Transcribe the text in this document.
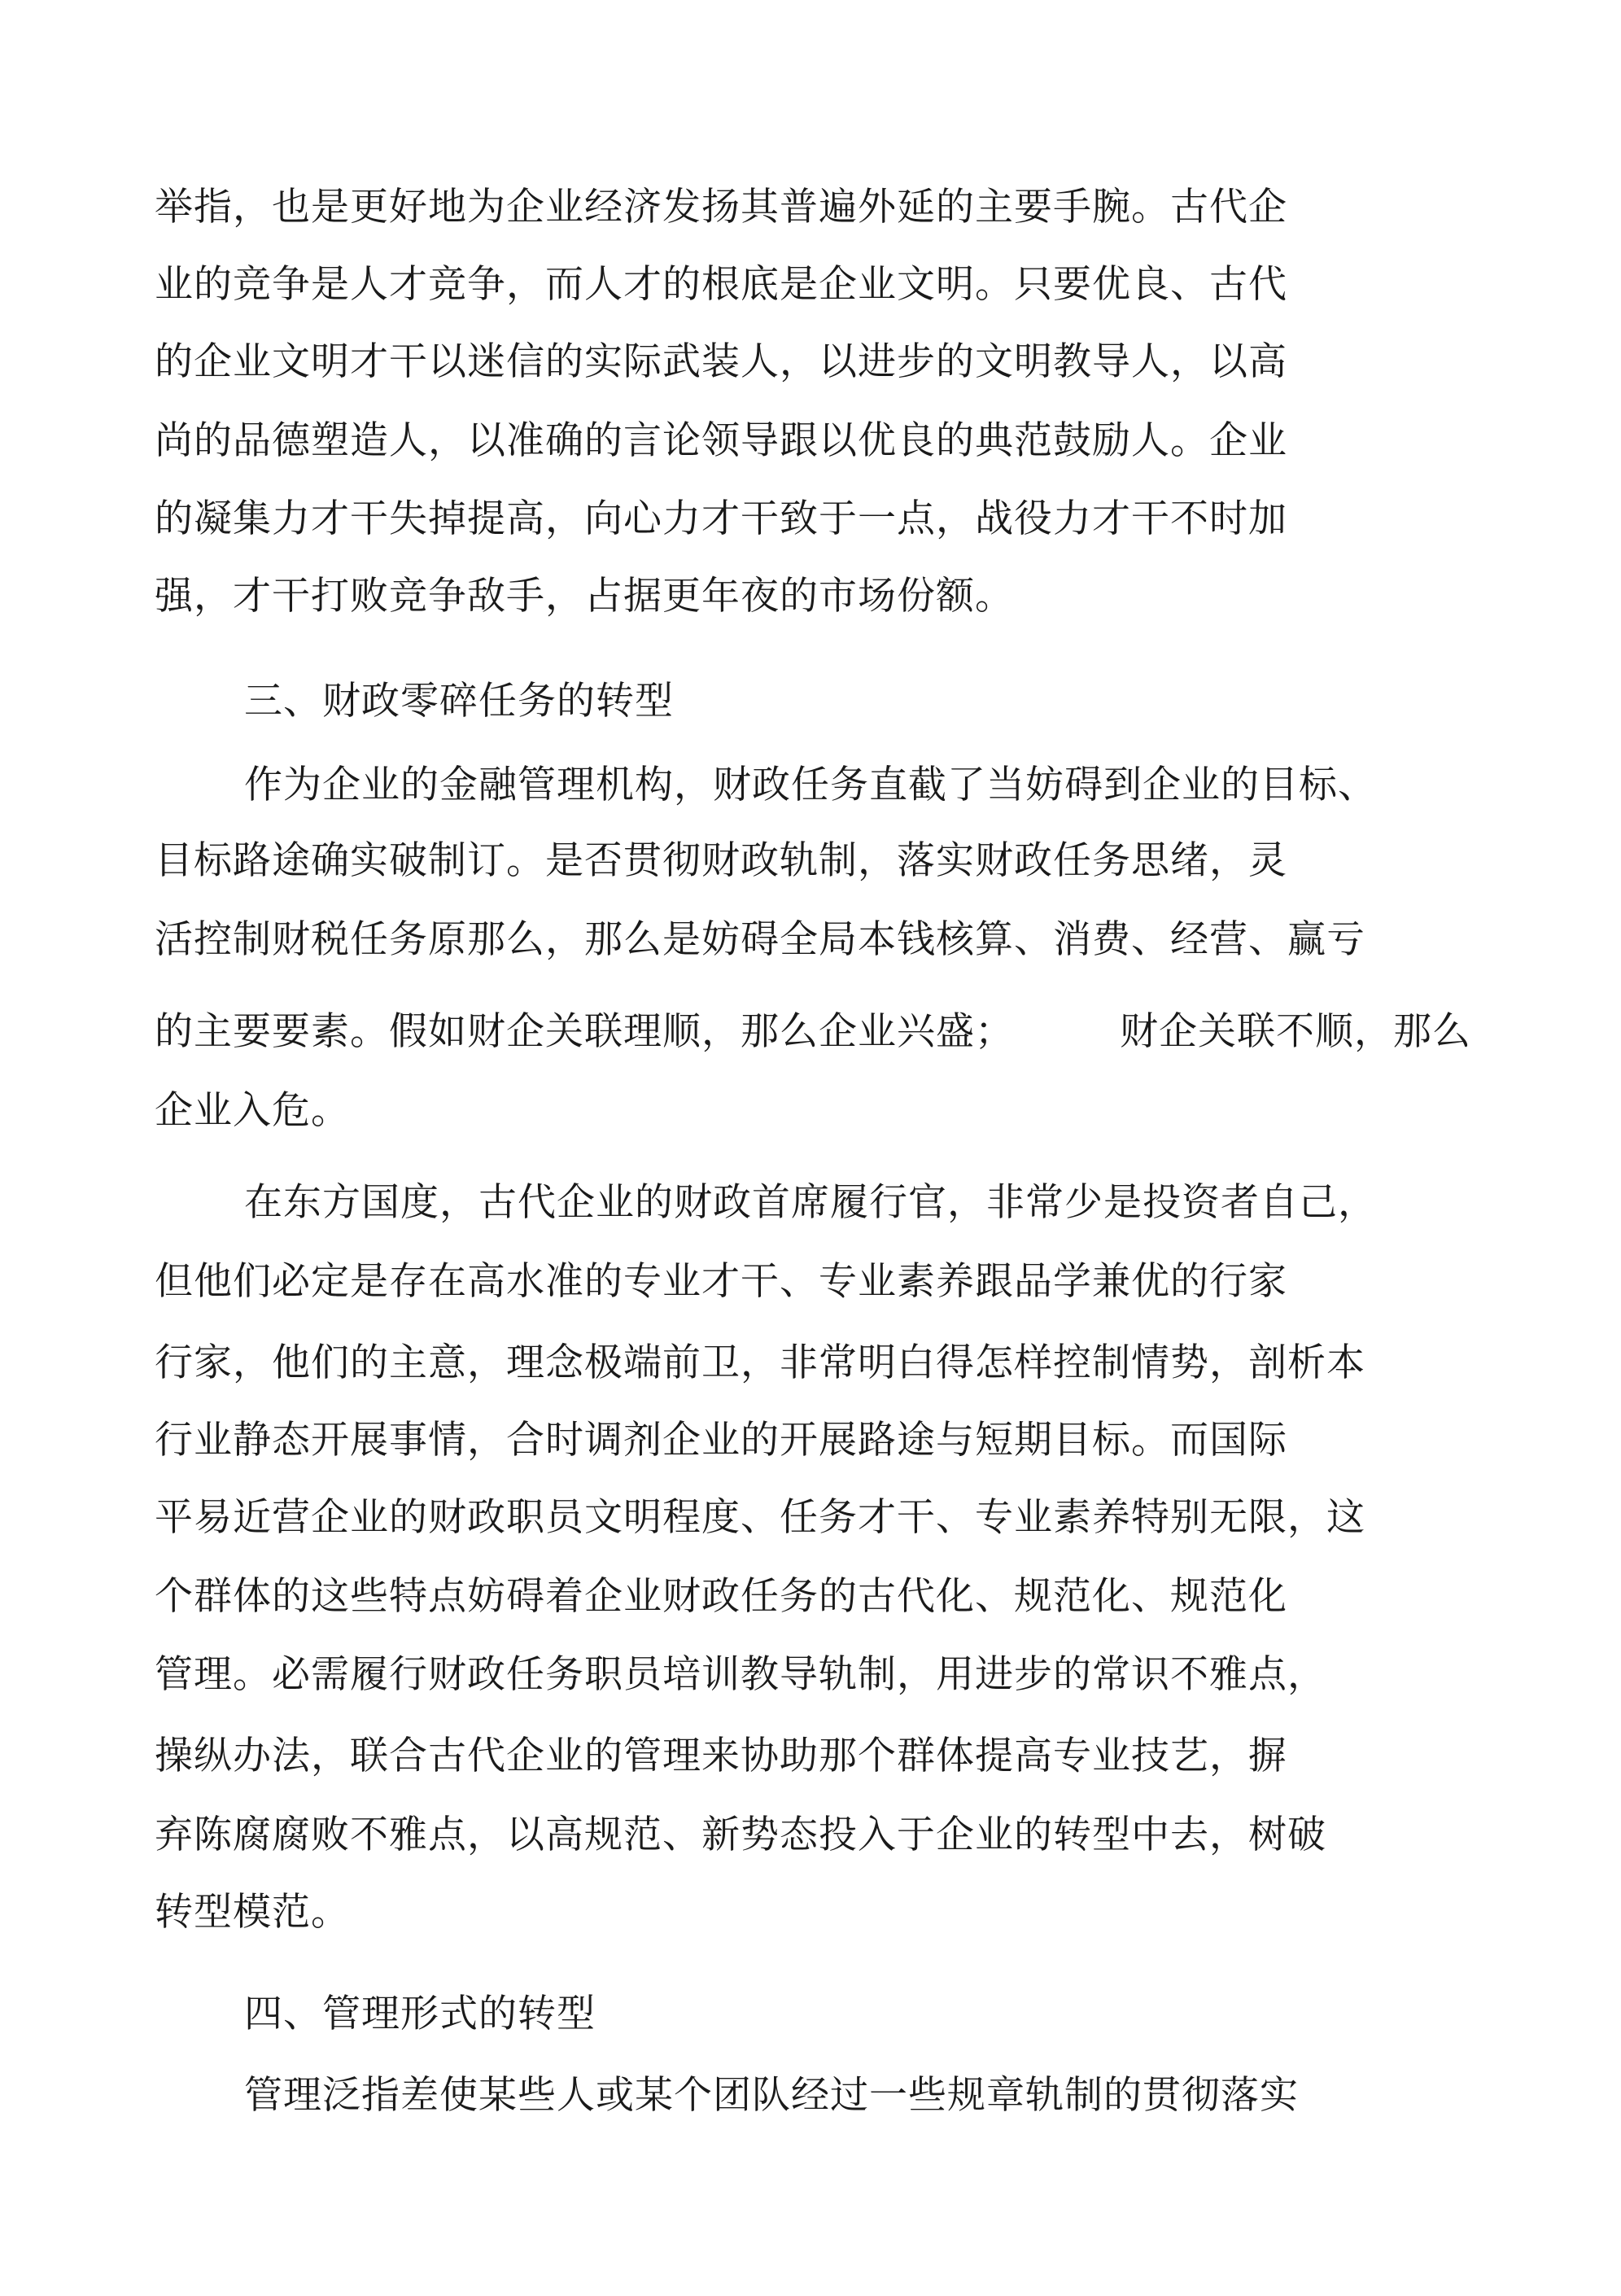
举指，也是更好地为企业经济发扬其普遍外延的主要手腕。古代企
业的竞争是人才竞争，而人才的根底是企业文明。只要优良、古代
的企业文明才干以迷信的实际武装人，以进步的文明教导人，以高
尚的品德塑造人，以准确的言论领导跟以优良的典范鼓励人。企业
的凝集力才干失掉提高，向心力才干致于一点，战役力才干不时加
强，才干打败竞争敌手，占据更年夜的市场份额。
三、财政零碎任务的转型
作为企业的金融管理机构，财政任务直截了当妨碍到企业的目标、
目标路途确实破制订。是否贯彻财政轨制，落实财政任务思绪，灵
活控制财税任务原那么，那么是妨碍全局本钱核算、消费、经营、赢亏
的主要要素。假如财企关联理顺，那么企业兴盛；	财企关联不顺，那么
企业入危。
在东方国度，古代企业的财政首席履行官，非常少是投资者自己，
但他们必定是存在高水准的专业才干、专业素养跟品学兼优的行家
行家，他们的主意，理念极端前卫，非常明白得怎样控制情势，剖析本
行业静态开展事情，合时调剂企业的开展路途与短期目标。而国际
平易近营企业的财政职员文明程度、任务才干、专业素养特别无限，这
个群体的这些特点妨碍着企业财政任务的古代化、规范化、规范化
管理。必需履行财政任务职员培训教导轨制，用进步的常识不雅点，
操纵办法，联合古代企业的管理来协助那个群体提高专业技艺，摒
弃陈腐腐败不雅点，以高规范、新势态投入于企业的转型中去，树破
转型模范。
四、管理形式的转型
管理泛指差使某些人或某个团队经过一些规章轨制的贯彻落实
